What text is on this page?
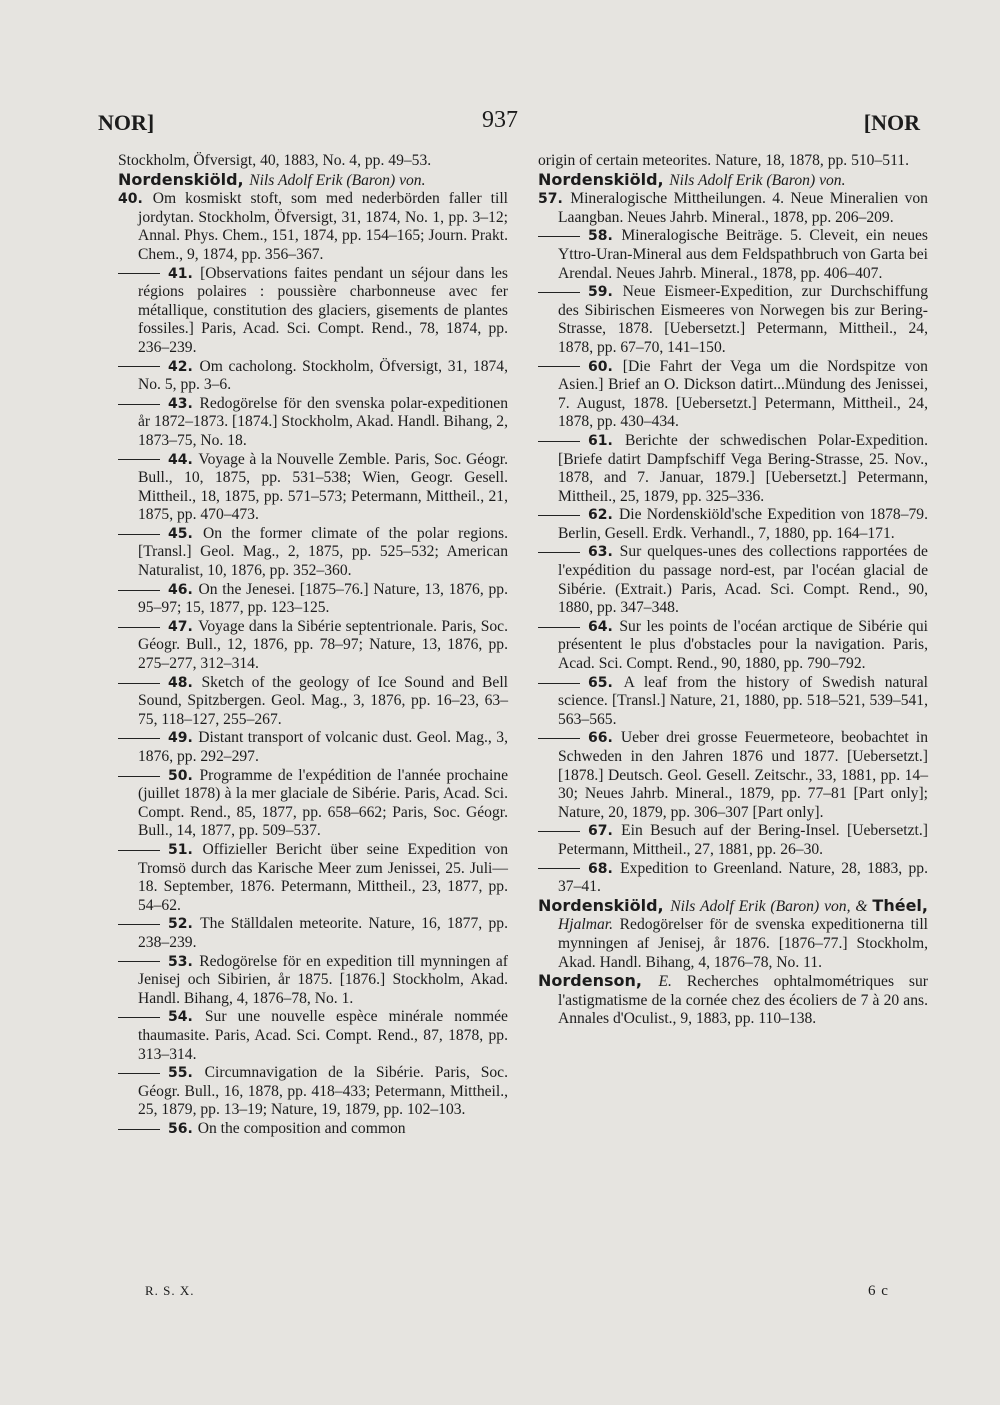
NOR]	937	[NOR

Stockholm, Öfversigt, 40, 1883, No. 4, pp. 49–53.

Nordenskiöld, Nils Adolf Erik (Baron) von.

40. Om kosmiskt stoft, som med nederbörden faller till jordytan. Stockholm, Öfversigt, 31, 1874, No. 1, pp. 3–12; Annal. Phys. Chem., 151, 1874, pp. 154–165; Journ. Prakt. Chem., 9, 1874, pp. 356–367.

41. [Observations faites pendant un séjour dans les régions polaires : poussière charbonneuse avec fer métallique, constitution des glaciers, gisements de plantes fossiles.] Paris, Acad. Sci. Compt. Rend., 78, 1874, pp. 236–239.

42. Om cacholong. Stockholm, Öfversigt, 31, 1874, No. 5, pp. 3–6.

43. Redogörelse för den svenska polar-expeditionen år 1872–1873. [1874.] Stockholm, Akad. Handl. Bihang, 2, 1873–75, No. 18.

44. Voyage à la Nouvelle Zemble. Paris, Soc. Géogr. Bull., 10, 1875, pp. 531–538; Wien, Geogr. Gesell. Mittheil., 18, 1875, pp. 571–573; Petermann, Mittheil., 21, 1875, pp. 470–473.

45. On the former climate of the polar regions. [Transl.] Geol. Mag., 2, 1875, pp. 525–532; American Naturalist, 10, 1876, pp. 352–360.

46. On the Jenesei. [1875–76.] Nature, 13, 1876, pp. 95–97; 15, 1877, pp. 123–125.

47. Voyage dans la Sibérie septentrionale. Paris, Soc. Géogr. Bull., 12, 1876, pp. 78–97; Nature, 13, 1876, pp. 275–277, 312–314.

48. Sketch of the geology of Ice Sound and Bell Sound, Spitzbergen. Geol. Mag., 3, 1876, pp. 16–23, 63–75, 118–127, 255–267.

49. Distant transport of volcanic dust. Geol. Mag., 3, 1876, pp. 292–297.

50. Programme de l'expédition de l'année prochaine (juillet 1878) à la mer glaciale de Sibérie. Paris, Acad. Sci. Compt. Rend., 85, 1877, pp. 658–662; Paris, Soc. Géogr. Bull., 14, 1877, pp. 509–537.

51. Offizieller Bericht über seine Expedition von Tromsö durch das Karische Meer zum Jenissei, 25. Juli—18. September, 1876. Petermann, Mittheil., 23, 1877, pp. 54–62.

52. The Ställdalen meteorite. Nature, 16, 1877, pp. 238–239.

53. Redogörelse för en expedition till mynningen af Jenisej och Sibirien, år 1875. [1876.] Stockholm, Akad. Handl. Bihang, 4, 1876–78, No. 1.

54. Sur une nouvelle espèce minérale nommée thaumasite. Paris, Acad. Sci. Compt. Rend., 87, 1878, pp. 313–314.

55. Circumnavigation de la Sibérie. Paris, Soc. Géogr. Bull., 16, 1878, pp. 418–433; Petermann, Mittheil., 25, 1879, pp. 13–19; Nature, 19, 1879, pp. 102–103.

56. On the composition and common

origin of certain meteorites. Nature, 18, 1878, pp. 510–511.

Nordenskiöld, Nils Adolf Erik (Baron) von.

57. Mineralogische Mittheilungen. 4. Neue Mineralien von Laangban. Neues Jahrb. Mineral., 1878, pp. 206–209.

58. Mineralogische Beiträge. 5. Cleveit, ein neues Yttro-Uran-Mineral aus dem Feldspathbruch von Garta bei Arendal. Neues Jahrb. Mineral., 1878, pp. 406–407.

59. Neue Eismeer-Expedition, zur Durchschiffung des Sibirischen Eismeeres von Norwegen bis zur Bering-Strasse, 1878. [Uebersetzt.] Petermann, Mittheil., 24, 1878, pp. 67–70, 141–150.

60. [Die Fahrt der Vega um die Nordspitze von Asien.] Brief an O. Dickson datirt...Mündung des Jenissei, 7. August, 1878. [Uebersetzt.] Petermann, Mittheil., 24, 1878, pp. 430–434.

61. Berichte der schwedischen Polar-Expedition. [Briefe datirt Dampfschiff Vega Bering-Strasse, 25. Nov., 1878, and 7. Januar, 1879.] [Uebersetzt.] Petermann, Mittheil., 25, 1879, pp. 325–336.

62. Die Nordenskiöld'sche Expedition von 1878–79. Berlin, Gesell. Erdk. Verhandl., 7, 1880, pp. 164–171.

63. Sur quelques-unes des collections rapportées de l'expédition du passage nord-est, par l'océan glacial de Sibérie. (Extrait.) Paris, Acad. Sci. Compt. Rend., 90, 1880, pp. 347–348.

64. Sur les points de l'océan arctique de Sibérie qui présentent le plus d'obstacles pour la navigation. Paris, Acad. Sci. Compt. Rend., 90, 1880, pp. 790–792.

65. A leaf from the history of Swedish natural science. [Transl.] Nature, 21, 1880, pp. 518–521, 539–541, 563–565.

66. Ueber drei grosse Feuermeteore, beobachtet in Schweden in den Jahren 1876 und 1877. [Uebersetzt.] [1878.] Deutsch. Geol. Gesell. Zeitschr., 33, 1881, pp. 14–30; Neues Jahrb. Mineral., 1879, pp. 77–81 [Part only]; Nature, 20, 1879, pp. 306–307 [Part only].

67. Ein Besuch auf der Bering-Insel. [Uebersetzt.] Petermann, Mittheil., 27, 1881, pp. 26–30.

68. Expedition to Greenland. Nature, 28, 1883, pp. 37–41.

Nordenskiöld, Nils Adolf Erik (Baron) von, & Théel, Hjalmar. Redogörelser för de svenska expeditionerna till mynningen af Jenisej, år 1876. [1876–77.] Stockholm, Akad. Handl. Bihang, 4, 1876–78, No. 11.

Nordenson, E. Recherches ophtalmométriques sur l'astigmatisme de la cornée chez des écoliers de 7 à 20 ans. Annales d'Oculist., 9, 1883, pp. 110–138.

R. S. X.	6 c
